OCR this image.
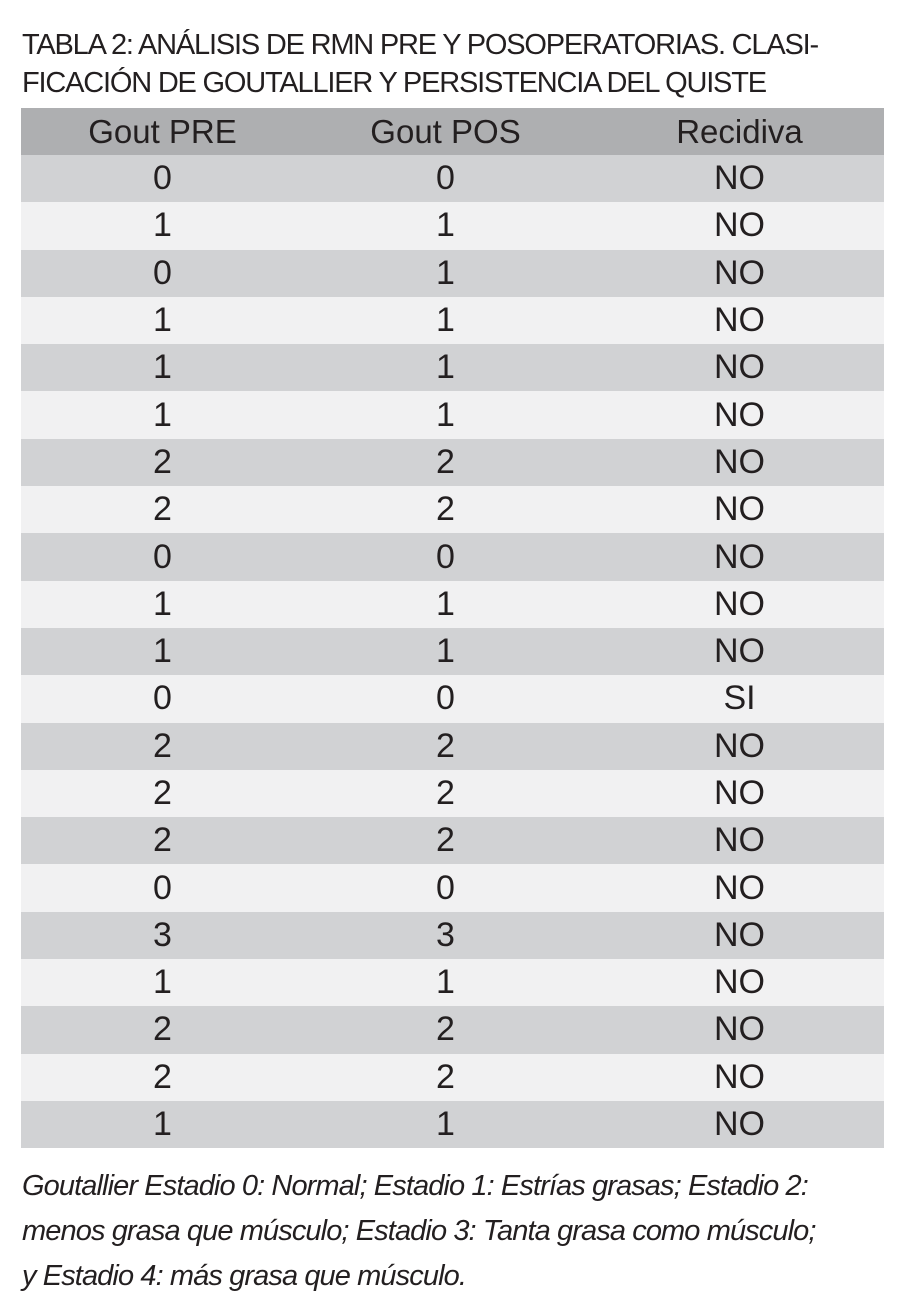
TABLA 2: ANÁLISIS DE RMN PRE Y POSOPERATORIAS. CLASI-
FICACIÓN DE GOUTALLIER Y PERSISTENCIA DEL QUISTE
Gout PRE	Gout POS	Recidiva
0	0	NO
1	1	NO
0	1	NO
1	1	NO
1	1	NO
1	1	NO
2	2	NO
2	2	NO
0	0	NO
1	1	NO
1	1	NO
0	0	SI
2	2	NO
2	2	NO
2	2	NO
0	0	NO
3	3	NO
1	1	NO
2	2	NO
2	2	NO
1	1	NO

Goutallier Estadio 0: Normal; Estadio 1: Estrías grasas; Estadio 2:
menos grasa que músculo; Estadio 3: Tanta grasa como músculo;
y Estadio 4: más grasa que músculo.
